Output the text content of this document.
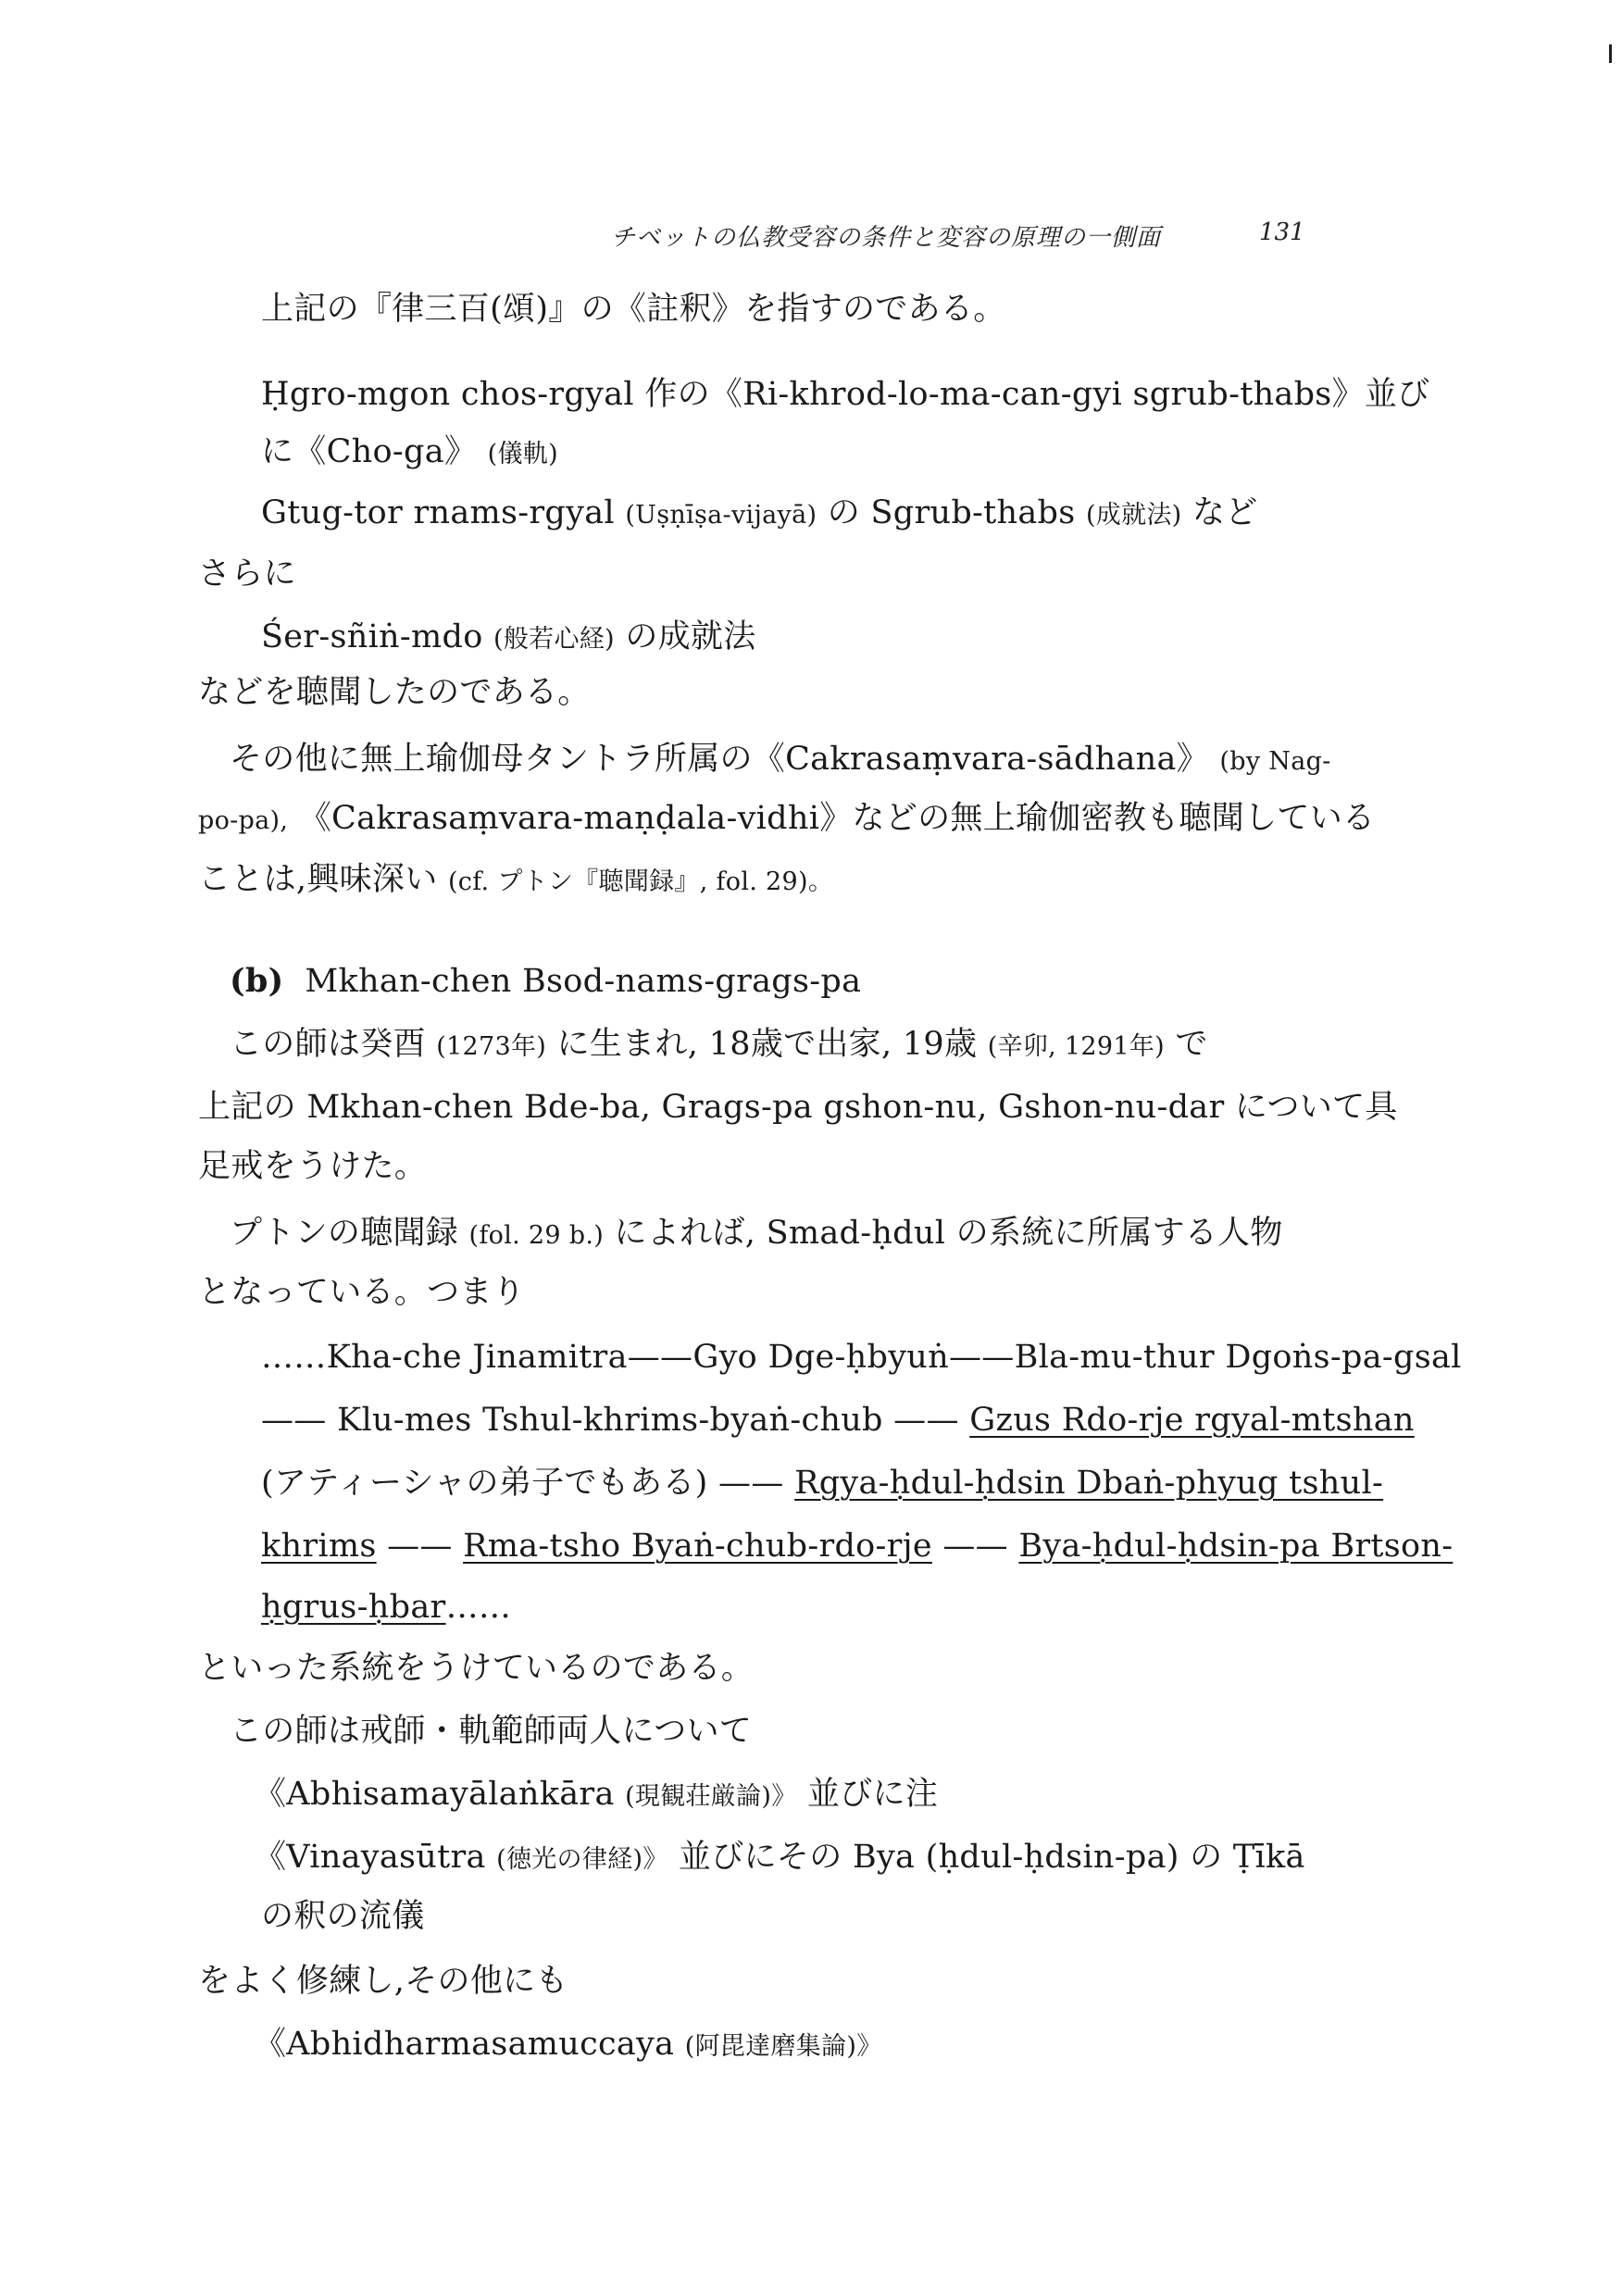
チベットの仏教受容の条件と変容の原理の一側面	131
上記の『律三百(頌)』の《註釈》を指すのである。
Ḥgro-mgon chos-rgyal 作の《Ri-khrod-lo-ma-can-gyi sgrub-thabs》並び
に《Cho-ga》 (儀軌)
Gtug-tor rnams-rgyal (Uṣṇīṣa-vijayā) の Sgrub-thabs (成就法) など
さらに
Śer-sñiṅ-mdo (般若心経) の成就法
などを聴聞したのである。
その他に無上瑜伽母タントラ所属の《Cakrasaṃvara-sādhana》 (by Nag-
po-pa), 《Cakrasaṃvara-maṇḍala-vidhi》などの無上瑜伽密教も聴聞している
ことは,興味深い (cf. プトン『聴聞録』, fol. 29)。
(b) Mkhan-chen Bsod-nams-grags-pa
この師は癸酉 (1273年) に生まれ, 18歳で出家, 19歳 (辛卯, 1291年) で
上記の Mkhan-chen Bde-ba, Grags-pa gshon-nu, Gshon-nu-dar について具
足戒をうけた。
プトンの聴聞録 (fol. 29 b.) によれば, Smad-ḥdul の系統に所属する人物
となっている。つまり
……Kha-che Jinamitra——Gyo Dge-ḥbyuṅ——Bla-mu-thur Dgoṅs-pa-gsal
—— Klu-mes Tshul-khrims-byaṅ-chub —— Gzus Rdo-rje rgyal-mtshan
(アティーシャの弟子でもある) —— Rgya-ḥdul-ḥdsin Dbaṅ-phyug tshul-
khrims —— Rma-tsho Byaṅ-chub-rdo-rje —— Bya-ḥdul-ḥdsin-pa Brtson-
ḥgrus-ḥbar……
といった系統をうけているのである。
この師は戒師・軌範師両人について
《Abhisamayālaṅkāra (現観荘厳論)》 並びに注
《Vinayasūtra (徳光の律経)》 並びにその Bya (ḥdul-ḥdsin-pa) の Ṭīkā
の釈の流儀
をよく修練し,その他にも
《Abhidharmasamuccaya (阿毘達磨集論)》
